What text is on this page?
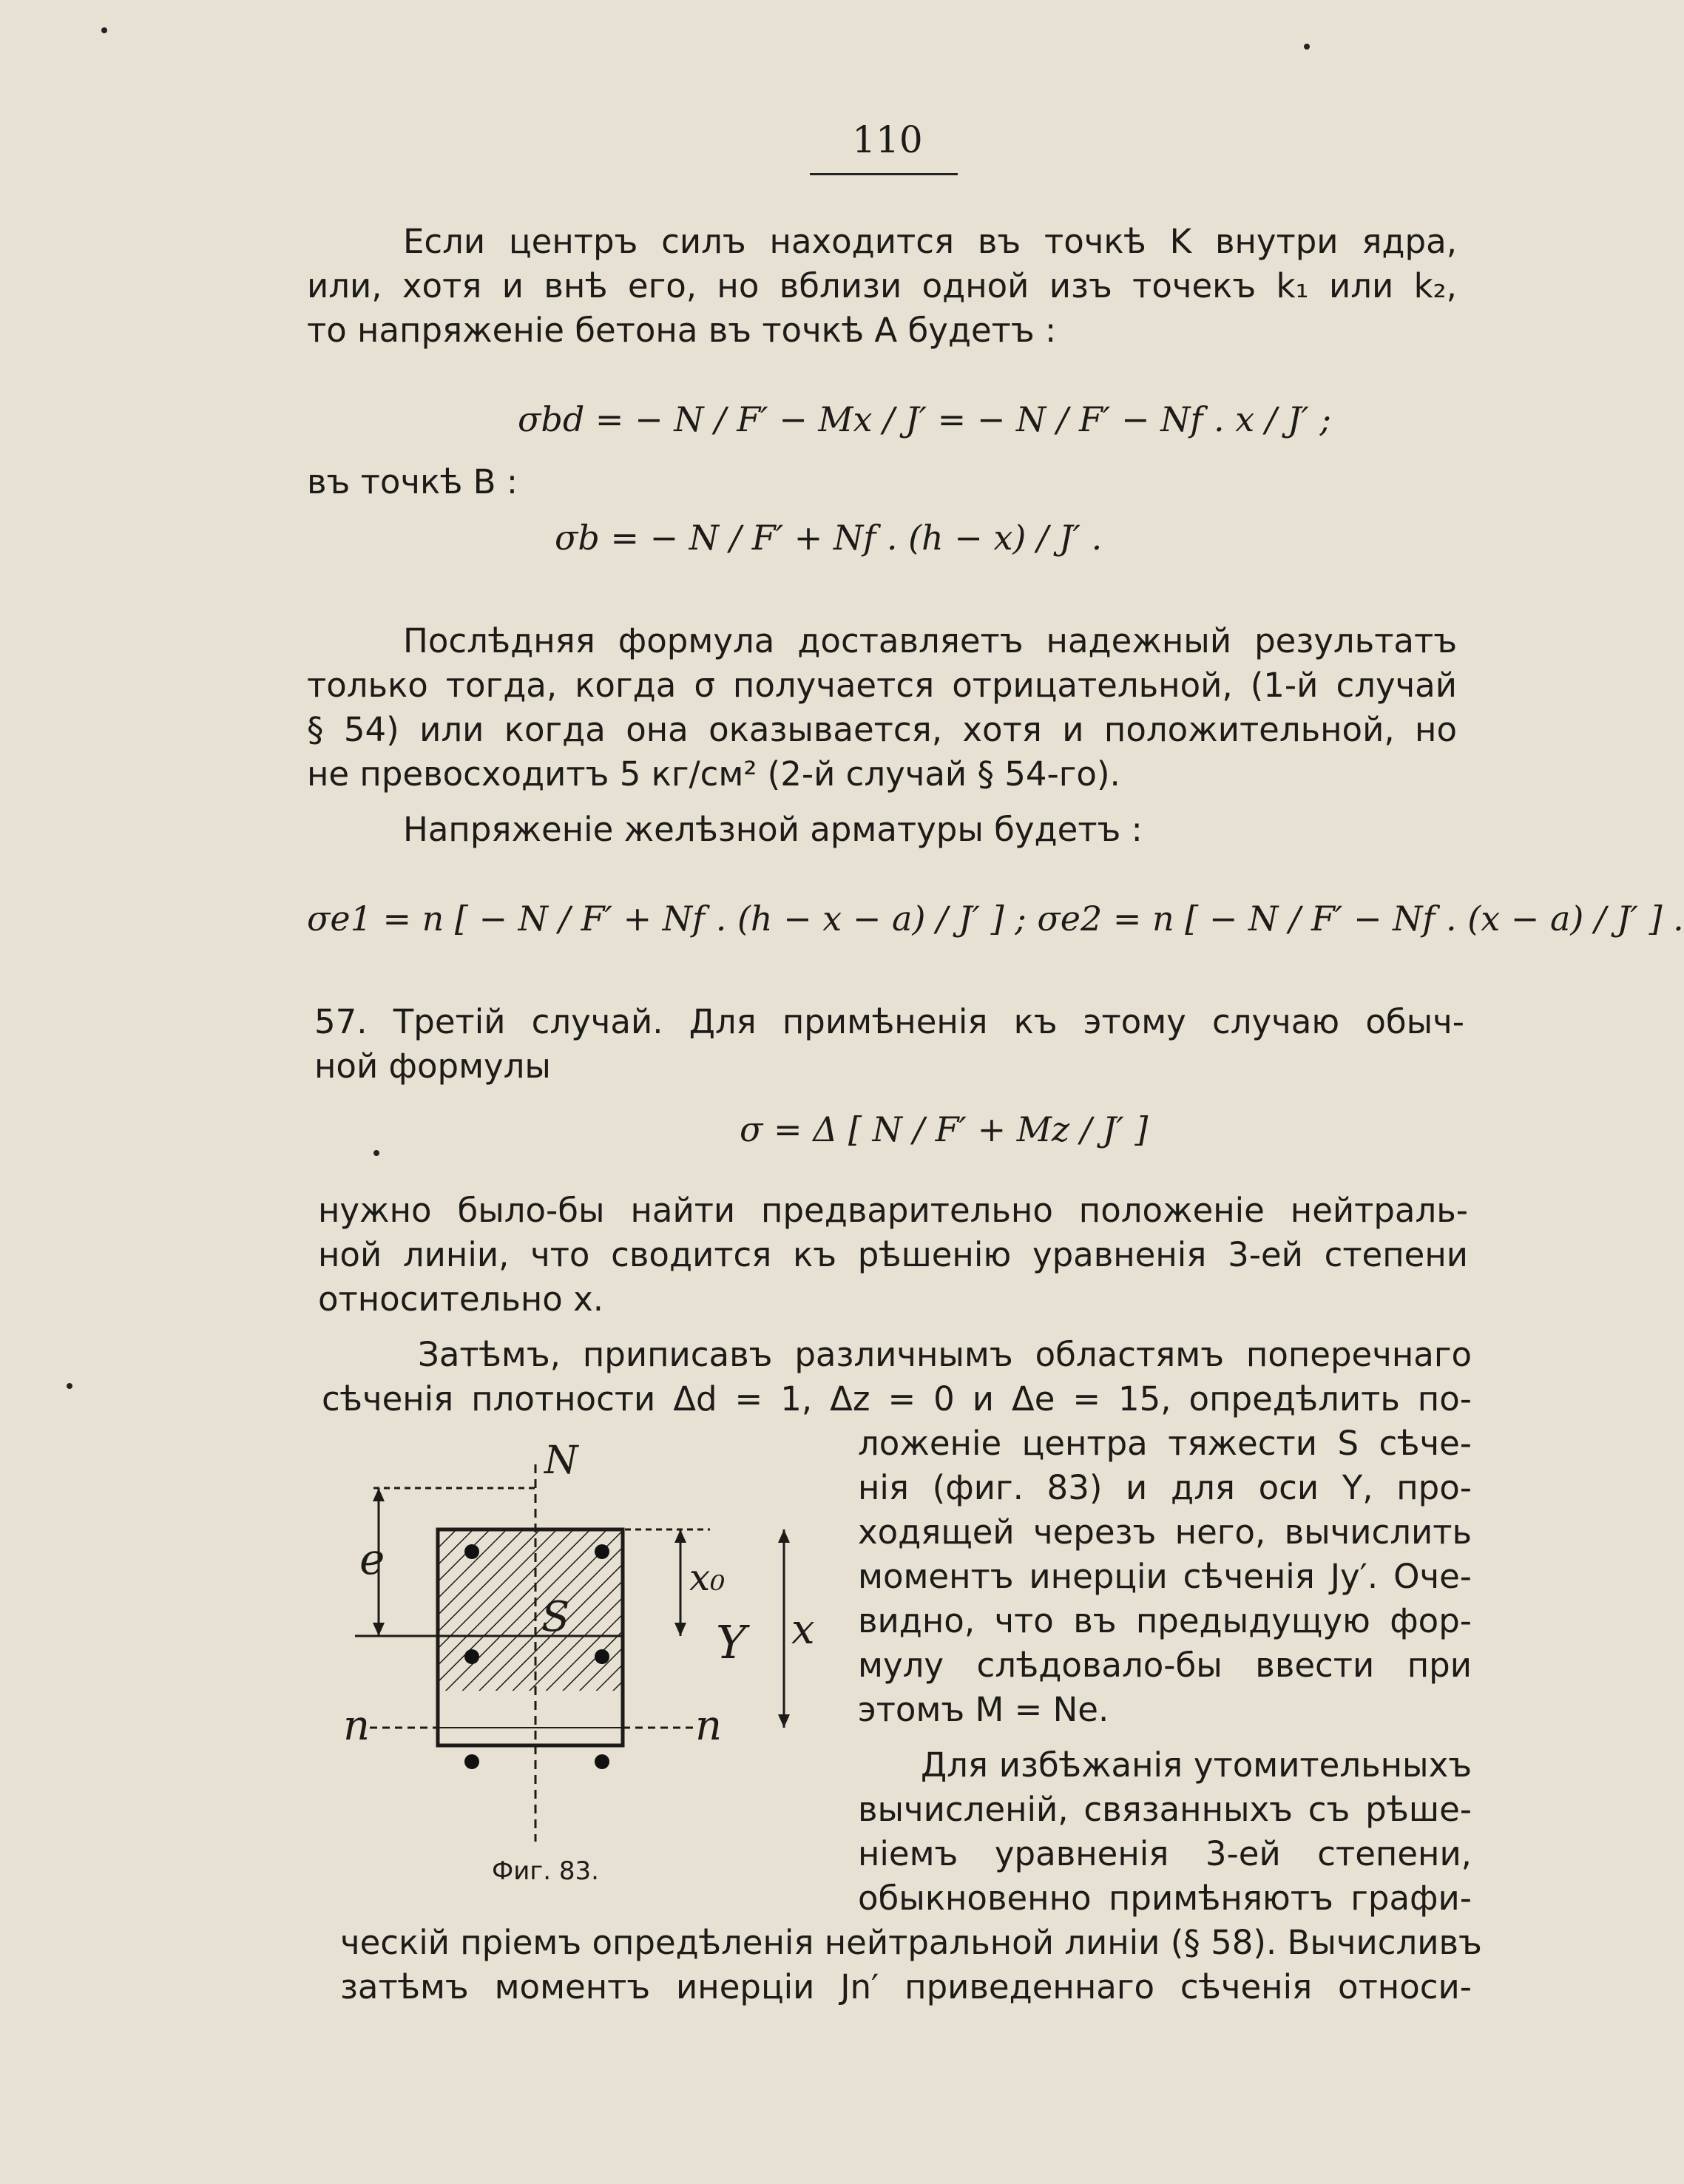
110
Если центръ силъ находится въ точкѣ K внутри ядра,
или, хотя и внѣ его, но вблизи одной изъ точекъ k₁ или k₂,
то напряженіе бетона въ точкѣ A будетъ :
σbd = − N / F′ − Mx / J′ = − N / F′ − Nf . x / J′ ;
въ точкѣ B :
σb = − N / F′ + Nf . (h − x) / J′ .
Послѣдняя формула доставляетъ надежный результатъ
только тогда, когда σ получается отрицательной, (1-й случай
§ 54) или когда она оказывается, хотя и положительной, но
не превосходитъ 5 кг/см² (2-й случай § 54-го).
Напряженіе желѣзной арматуры будетъ :
σe1 = n [ − N / F′ + Nf . (h − x − a) / J′ ] ; σe2 = n [ − N / F′ − Nf . (x − a) / J′ ] .
57. Третій случай. Для примѣненія къ этому случаю обыч-
ной формулы
σ = Δ [ N / F′ + Mz / J′ ]
нужно было-бы найти предварительно положеніе нейтраль-
ной линіи, что сводится къ рѣшенію уравненія 3-ей степени
относительно x.
Затѣмъ, приписавъ различнымъ областямъ поперечнаго
сѣченія плотности Δd = 1, Δz = 0 и Δe = 15, опредѣлить по-
ложеніе центра тяжести S сѣче-
нія (фиг. 83) и для оси Y, про-
ходящей черезъ него, вычислить
моментъ инерціи сѣченія Jy′. Оче-
видно, что въ предыдущую фор-
мулу слѣдовало-бы ввести при
этомъ M = Ne.
Для избѣжанія утомительныхъ
вычисленій, связанныхъ съ рѣше-
ніемъ уравненія 3-ей степени,
обыкновенно примѣняютъ графи-
ческій пріемъ опредѣленія нейтральной линіи (§ 58). Вычисливъ
затѣмъ моментъ инерціи Jn′ приведеннаго сѣченія относи-
N
e
S
x₀
Y x
n	n
Фиг. 83.
